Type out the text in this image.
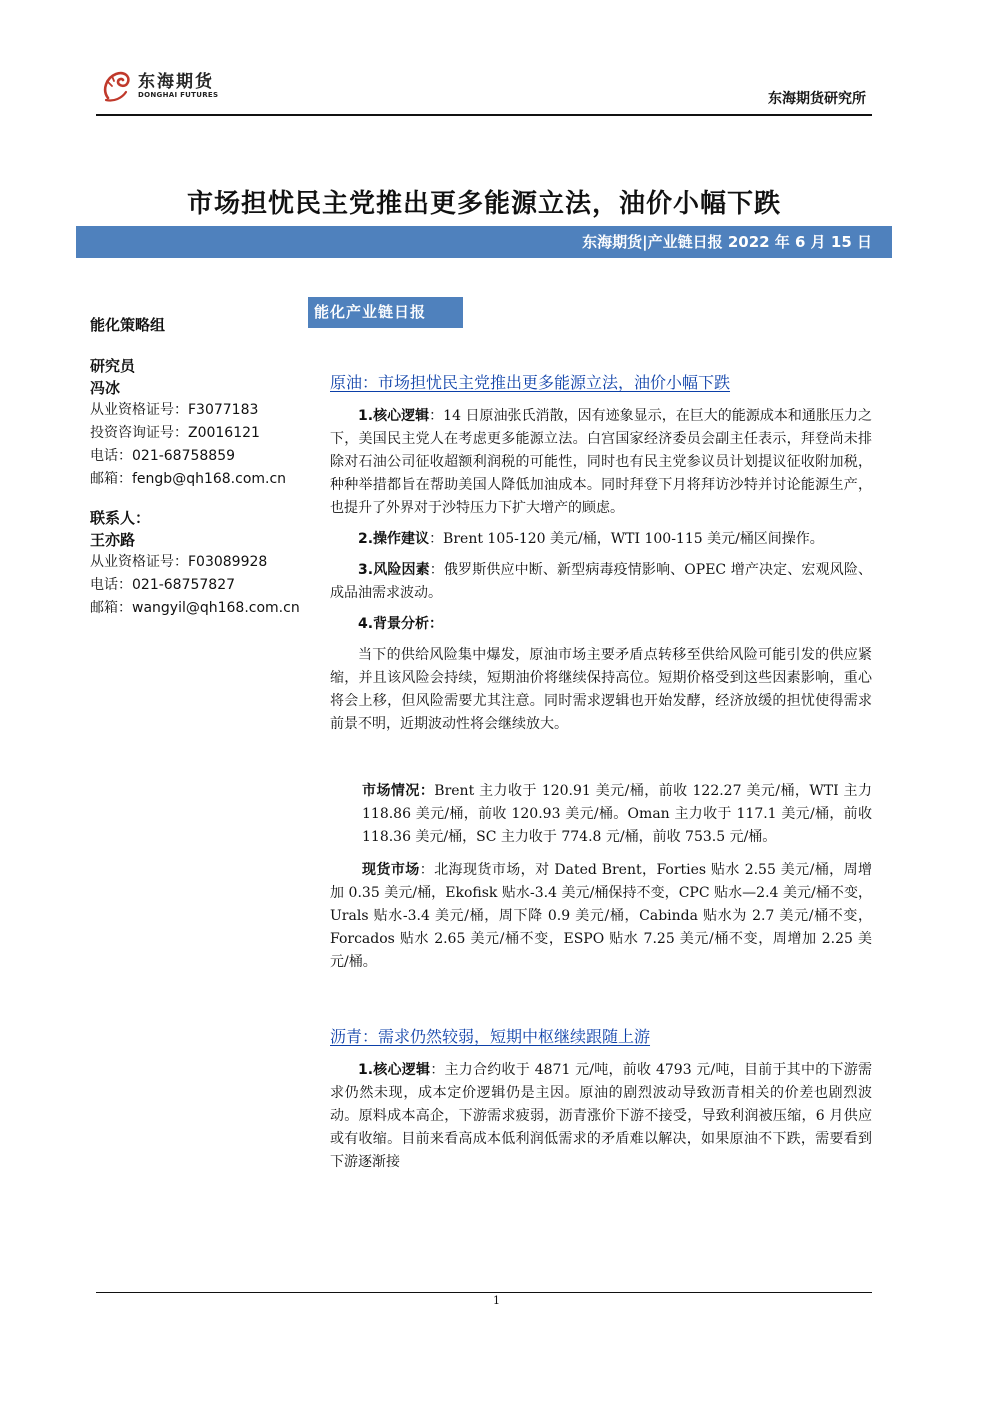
东海期货
DONGHAI FUTURES	东海期货研究所
市场担忧民主党推出更多能源立法，油价小幅下跌
东海期货|产业链日报 2022 年 6 月 15 日
能化策略组
研究员
冯冰
从业资格证号：F3077183
投资咨询证号：Z0016121
电话：021-68758859
邮箱：fengb@qh168.com.cn
联系人：
王亦路
从业资格证号：F03089928
电话：021-68757827
邮箱：wangyil@qh168.com.cn
能化产业链日报
原油：市场担忧民主党推出更多能源立法，油价小幅下跌

1.核心逻辑：14 日原油张氏消散，因有迹象显示，在巨大的能源成本和通胀压力之下，美国民主党人在考虑更多能源立法。白宫国家经济委员会副主任表示，拜登尚未排除对石油公司征收超额利润税的可能性，同时也有民主党参议员计划提议征收附加税，种种举措都旨在帮助美国人降低加油成本。同时拜登下月将拜访沙特并讨论能源生产，也提升了外界对于沙特压力下扩大增产的顾虑。

2.操作建议：Brent 105-120 美元/桶，WTI 100-115 美元/桶区间操作。

3.风险因素：俄罗斯供应中断、新型病毒疫情影响、OPEC 增产决定、宏观风险、成品油需求波动。

4.背景分析：

当下的供给风险集中爆发，原油市场主要矛盾点转移至供给风险可能引发的供应紧缩，并且该风险会持续，短期油价将继续保持高位。短期价格受到这些因素影响，重心将会上移，但风险需要尤其注意。同时需求逻辑也开始发酵，经济放缓的担忧使得需求前景不明，近期波动性将会继续放大。

市场情况：Brent 主力收于 120.91 美元/桶，前收 122.27 美元/桶，WTI 主力 118.86 美元/桶，前收 120.93 美元/桶。Oman 主力收于 117.1 美元/桶，前收 118.36 美元/桶，SC 主力收于 774.8 元/桶，前收 753.5 元/桶。

现货市场：北海现货市场，对 Dated Brent，Forties 贴水 2.55 美元/桶，周增加 0.35 美元/桶，Ekofisk 贴水-3.4 美元/桶保持不变，CPC 贴水—2.4 美元/桶不变，Urals 贴水-3.4 美元/桶，周下降 0.9 美元/桶，Cabinda 贴水为 2.7 美元/桶不变， Forcados 贴水 2.65 美元/桶不变，ESPO 贴水 7.25 美元/桶不变，周增加 2.25 美元/桶。

沥青：需求仍然较弱，短期中枢继续跟随上游

1.核心逻辑：主力合约收于 4871 元/吨，前收 4793 元/吨，目前于其中的下游需求仍然未现，成本定价逻辑仍是主因。原油的剧烈波动导致沥青相关的价差也剧烈波动。原料成本高企，下游需求疲弱，沥青涨价下游不接受，导致利润被压缩，6 月供应或有收缩。目前来看高成本低利润低需求的矛盾难以解决，如果原油不下跌，需要看到下游逐渐接

1
